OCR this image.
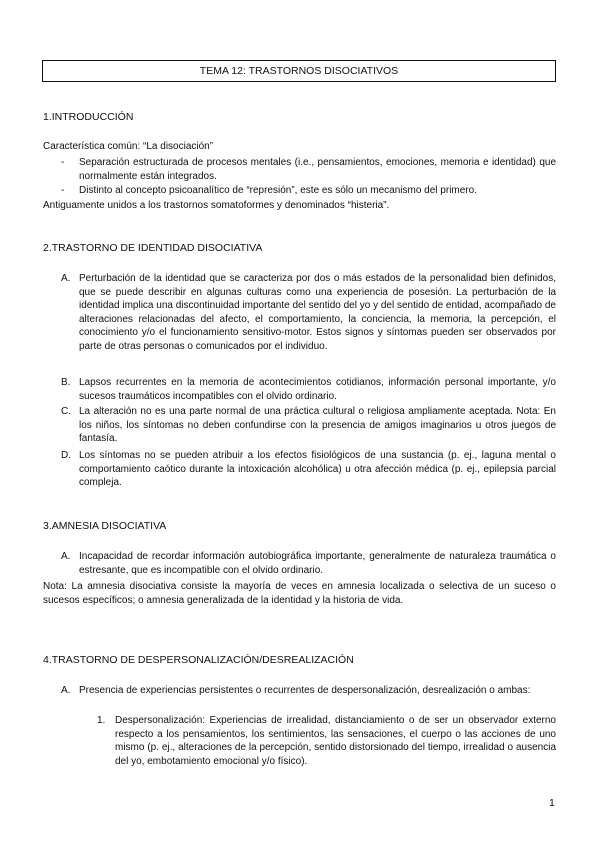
TEMA 12: TRASTORNOS DISOCIATIVOS
1.INTRODUCCIÓN
Característica común: “La disociación”
- Separación estructurada de procesos mentales (i.e., pensamientos, emociones, memoria e identidad) que normalmente están integrados.

- Distinto al concepto psicoanalítico de “represión”, este es sólo un mecanismo del primero.

Antiguamente unidos a los trastornos somatoformes y denominados “histeria”.

2.TRASTORNO DE IDENTIDAD DISOCIATIVA
A. Perturbación de la identidad que se caracteriza por dos o más estados de la personalidad bien definidos, que se puede describir en algunas culturas como una experiencia de posesión. La perturbación de la identidad implica una discontinuidad importante del sentido del yo y del sentido de entidad, acompañado de alteraciones relacionadas del afecto, el comportamiento, la conciencia, la memoria, la percepción, el conocimiento y/o el funcionamiento sensitivo-motor. Estos signos y síntomas pueden ser observados por parte de otras personas o comunicados por el individuo.

B. Lapsos recurrentes en la memoria de acontecimientos cotidianos, información personal importante, y/o sucesos traumáticos incompatibles con el olvido ordinario.

C. La alteración no es una parte normal de una práctica cultural o religiosa ampliamente aceptada. Nota: En los niños, los síntomas no deben confundirse con la presencia de amigos imaginarios u otros juegos de fantasía.

D. Los síntomas no se pueden atribuir a los efectos fisiológicos de una sustancia (p. ej., laguna mental o comportamiento caótico durante la intoxicación alcohólica) u otra afección médica (p. ej., epilepsia parcial compleja.

3.AMNESIA DISOCIATIVA
A. Incapacidad de recordar información autobiográfica importante, generalmente de naturaleza traumática o estresante, que es incompatible con el olvido ordinario.

Nota: La amnesia disociativa consiste la mayoría de veces en amnesia localizada o selectiva de un suceso o sucesos específicos; o amnesia generalizada de la identidad y la historia de vida.

4.TRASTORNO DE DESPERSONALIZACIÓN/DESREALIZACIÓN
A. Presencia de experiencias persistentes o recurrentes de despersonalización, desrealización o ambas:

1. Despersonalización: Experiencias de irrealidad, distanciamiento o de ser un observador externo respecto a los pensamientos, los sentimientos, las sensaciones, el cuerpo o las acciones de uno mismo (p. ej., alteraciones de la percepción, sentido distorsionado del tiempo, irrealidad o ausencia del yo, embotamiento emocional y/o físico).

1
